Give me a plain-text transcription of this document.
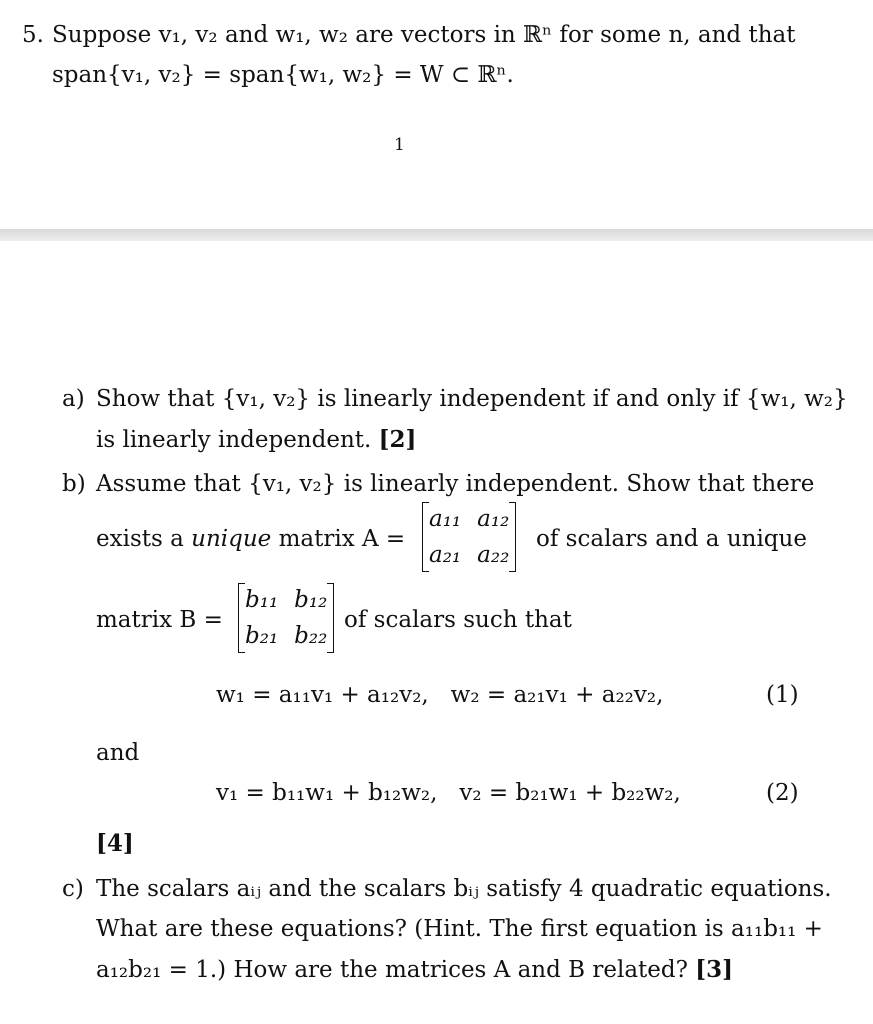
5. Suppose v₁, v₂ and w₁, w₂ are vectors in ℝⁿ for some n, and that
span{v₁, v₂} = span{w₁, w₂} = W ⊂ ℝⁿ.
1
a) Show that {v₁, v₂} is linearly independent if and only if {w₁, w₂}
is linearly independent. [2]
b) Assume that {v₁, v₂} is linearly independent. Show that there
exists a unique matrix A =
a₁₁ a₁₂
a₂₁ a₂₂
of scalars and a unique
matrix B =
b₁₁ b₁₂
b₂₁ b₂₂
of scalars such that
w₁ = a₁₁v₁ + a₁₂v₂,   w₂ = a₂₁v₁ + a₂₂v₂,	(1)
and
v₁ = b₁₁w₁ + b₁₂w₂,   v₂ = b₂₁w₁ + b₂₂w₂,	(2)
[4]
c) The scalars aᵢⱼ and the scalars bᵢⱼ satisfy 4 quadratic equations.
What are these equations? (Hint. The first equation is a₁₁b₁₁ +
a₁₂b₂₁ = 1.) How are the matrices A and B related? [3]
